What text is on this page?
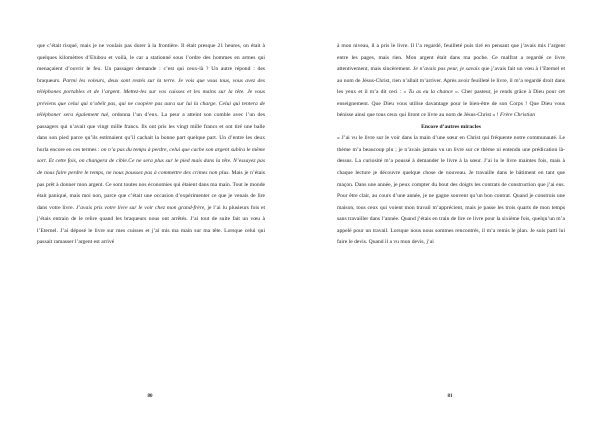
que c’était risqué, mais je ne voulais pas durer à la frontière. Il était presque 21 heures, on était à quelques kilomètres d’Elubou et voilà, le car a stationné sous l’ordre des hommes en armes qui menaçaient d’ouvrir le feu. Un passager demande : c’est qui ceux-là ? Un autre répond : des braqueurs. Parmi les voleurs, deux sont restés sur la terre. Je vois que vous tous, vous avez des téléphones portables et de l’argent. Mettez-les sur vos cuisses et les mains sur la tête. Je vous préviens que celui qui n’obéit pas, qui ne coopère pas aura sur lui la charge. Celui qui tentera de téléphoner sera également tué, ordonna l’un d’eux. La peur a atteint son comble avec l’un des passagers qui n’avait que vingt mille francs. Ils ont pris les vingt mille francs et ont tiré une balle dans son pied parce qu’ils estimaient qu’il cachait la bonne part quelque part. Un d’entre les deux hurla encore en ces termes : on n’a pas du temps à perdre, celui que cache son argent subira le même sort. Et cette fois, on changera de cible.Ce ne sera plus sur le pied mais dans la tête. N’essayez pas de nous faire perdre le temps, ne nous poussez pas à commettre des crimes non plus. Mais je n’étais pas prêt à donner mon argent. Ce sont toutes nos économies qui étaient dans ma main. Tout le monde était paniqué, mais moi non, parce que c’était une occasion d’expérimenter ce que je venais de lire dans votre livre. J’avais pris votre livre sur le voir chez mon grand-frère, je l’ai lu plusieurs fois et j’étais entrain de le relire quand les braqueurs nous ont arrêtés. J’ai tout de suite fait un vœu à l’Eternel. J’ai déposé le livre sur mes cuisses et j’ai mis ma main sur ma tête. Lorsque celui qui passait ramasser l’argent est arrivé

80

à mon niveau, il a pris le livre. Il l’a regardé, feuilleté puis tiré en pensant que j’avais mis l’argent entre les pages, mais rien. Mon argent était dans ma poche. Ce malfrat a regardé ce livre attentivement, mais sincèrement. Je n’avais pas peur, je savais que j’avais fait un vœu à l’Eternel et au nom de Jésus-Christ, rien n’allait m’arriver. Après avoir feuilleté le livre, il m’a regardé droit dans les yeux et il m’a dit ceci : « Tu as eu la chance ». Cher pasteur, je rends grâce à Dieu pour cet enseignement. Que Dieu vous utilise davantage pour le bien-être de son Corps ! Que Dieu vous bénisse ainsi que tous ceux qui liront ce livre au nom de Jésus-Christ » ! Frère Christian

Encore d’autres miracles

« J’ai vu le livre sur le voir dans la main d’une sœur en Christ qui fréquente notre communauté. Le thème m’a beaucoup plu ; je n’avais jamais vu un livre sur ce thème ni entendu une prédication là-dessus. La curiosité m’a poussé à demander le livre à la sœur. J’ai lu le livre maintes fois, mais à chaque lecture je découvre quelque chose de nouveau. Je travaille dans le bâtiment en tant que maçon. Dans une année, je peux compter du bout des doigts les contrats de construction que j’ai eus. Pour être clair, au cours d’une année, je ne gagne souvent qu’un bon contrat. Quand je construis une maison, tous ceux qui voient mon travail m’apprécient, mais je passe les trois quarts de mon temps sans travailler dans l’année. Quand j’étais en train de lire ce livre pour la sixième fois, quelqu’un m’a appelé pour un travail. Lorsque nous nous sommes rencontrés, il m’a remis le plan. Je suis parti lui faire le devis. Quand il a vu mon devis, j’ai

81
